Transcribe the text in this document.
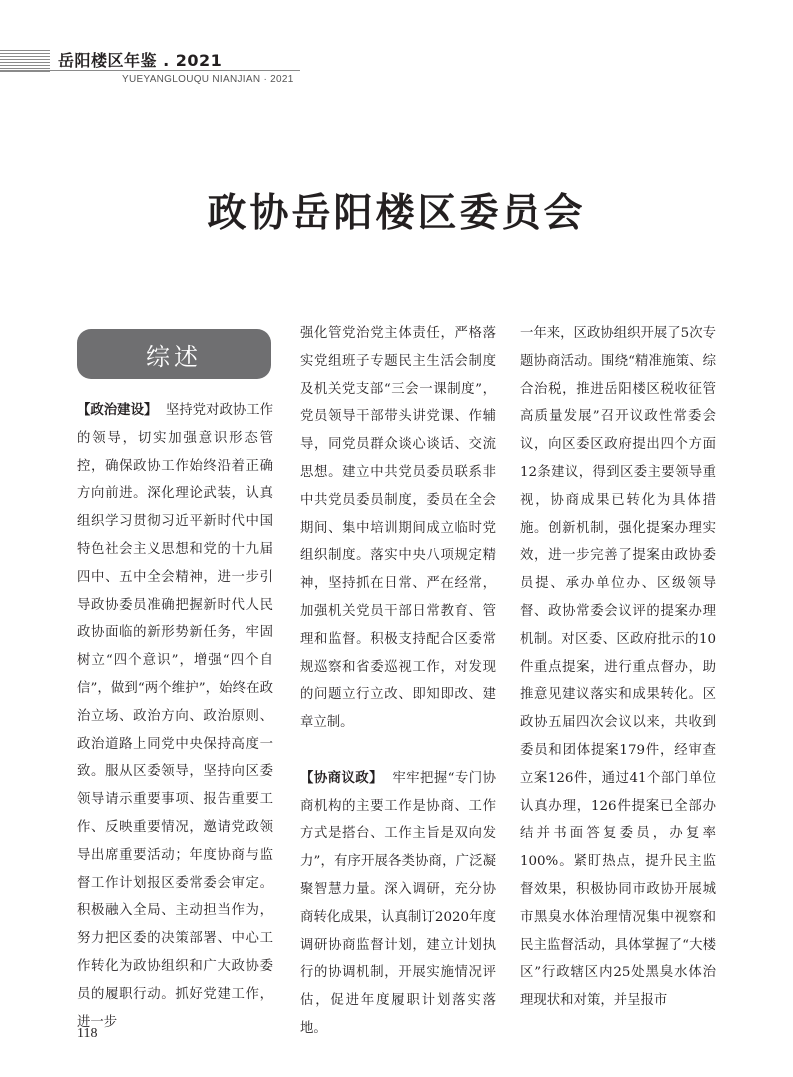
岳阳楼区年鉴 . 2021
YUEYANGLOUQU NIANJIAN · 2021
政协岳阳楼区委员会
综述

【政治建设】 坚持党对政协工作的领导，切实加强意识形态管控，确保政协工作始终沿着正确方向前进。深化理论武装，认真组织学习贯彻习近平新时代中国特色社会主义思想和党的十九届四中、五中全会精神，进一步引导政协委员准确把握新时代人民政协面临的新形势新任务，牢固树立“四个意识”，增强“四个自信”，做到“两个维护”，始终在政治立场、政治方向、政治原则、政治道路上同党中央保持高度一致。服从区委领导，坚持向区委领导请示重要事项、报告重要工作、反映重要情况，邀请党政领导出席重要活动；年度协商与监督工作计划报区委常委会审定。积极融入全局、主动担当作为，努力把区委的决策部署、中心工作转化为政协组织和广大政协委员的履职行动。抓好党建工作，进一步

强化管党治党主体责任，严格落实党组班子专题民主生活会制度及机关党支部“三会一课制度”，党员领导干部带头讲党课、作辅导，同党员群众谈心谈话、交流思想。建立中共党员委员联系非中共党员委员制度，委员在全会期间、集中培训期间成立临时党组织制度。落实中央八项规定精神，坚持抓在日常、严在经常，加强机关党员干部日常教育、管理和监督。积极支持配合区委常规巡察和省委巡视工作，对发现的问题立行立改、即知即改、建章立制。

【协商议政】 牢牢把握“专门协商机构的主要工作是协商、工作方式是搭台、工作主旨是双向发力”，有序开展各类协商，广泛凝聚智慧力量。深入调研，充分协商转化成果，认真制订2020年度调研协商监督计划，建立计划执行的协调机制，开展实施情况评估，促进年度履职计划落实落地。

一年来，区政协组织开展了5次专题协商活动。围绕“精准施策、综合治税，推进岳阳楼区税收征管高质量发展”召开议政性常委会议，向区委区政府提出四个方面12条建议，得到区委主要领导重视，协商成果已转化为具体措施。创新机制，强化提案办理实效，进一步完善了提案由政协委员提、承办单位办、区级领导督、政协常委会议评的提案办理机制。对区委、区政府批示的10件重点提案，进行重点督办，助推意见建议落实和成果转化。区政协五届四次会议以来，共收到委员和团体提案179件，经审查立案126件，通过41个部门单位认真办理，126件提案已全部办结并书面答复委员，办复率100%。紧盯热点，提升民主监督效果，积极协同市政协开展城市黑臭水体治理情况集中视察和民主监督活动，具体掌握了“大楼区”行政辖区内25处黑臭水体治理现状和对策，并呈报市

118
